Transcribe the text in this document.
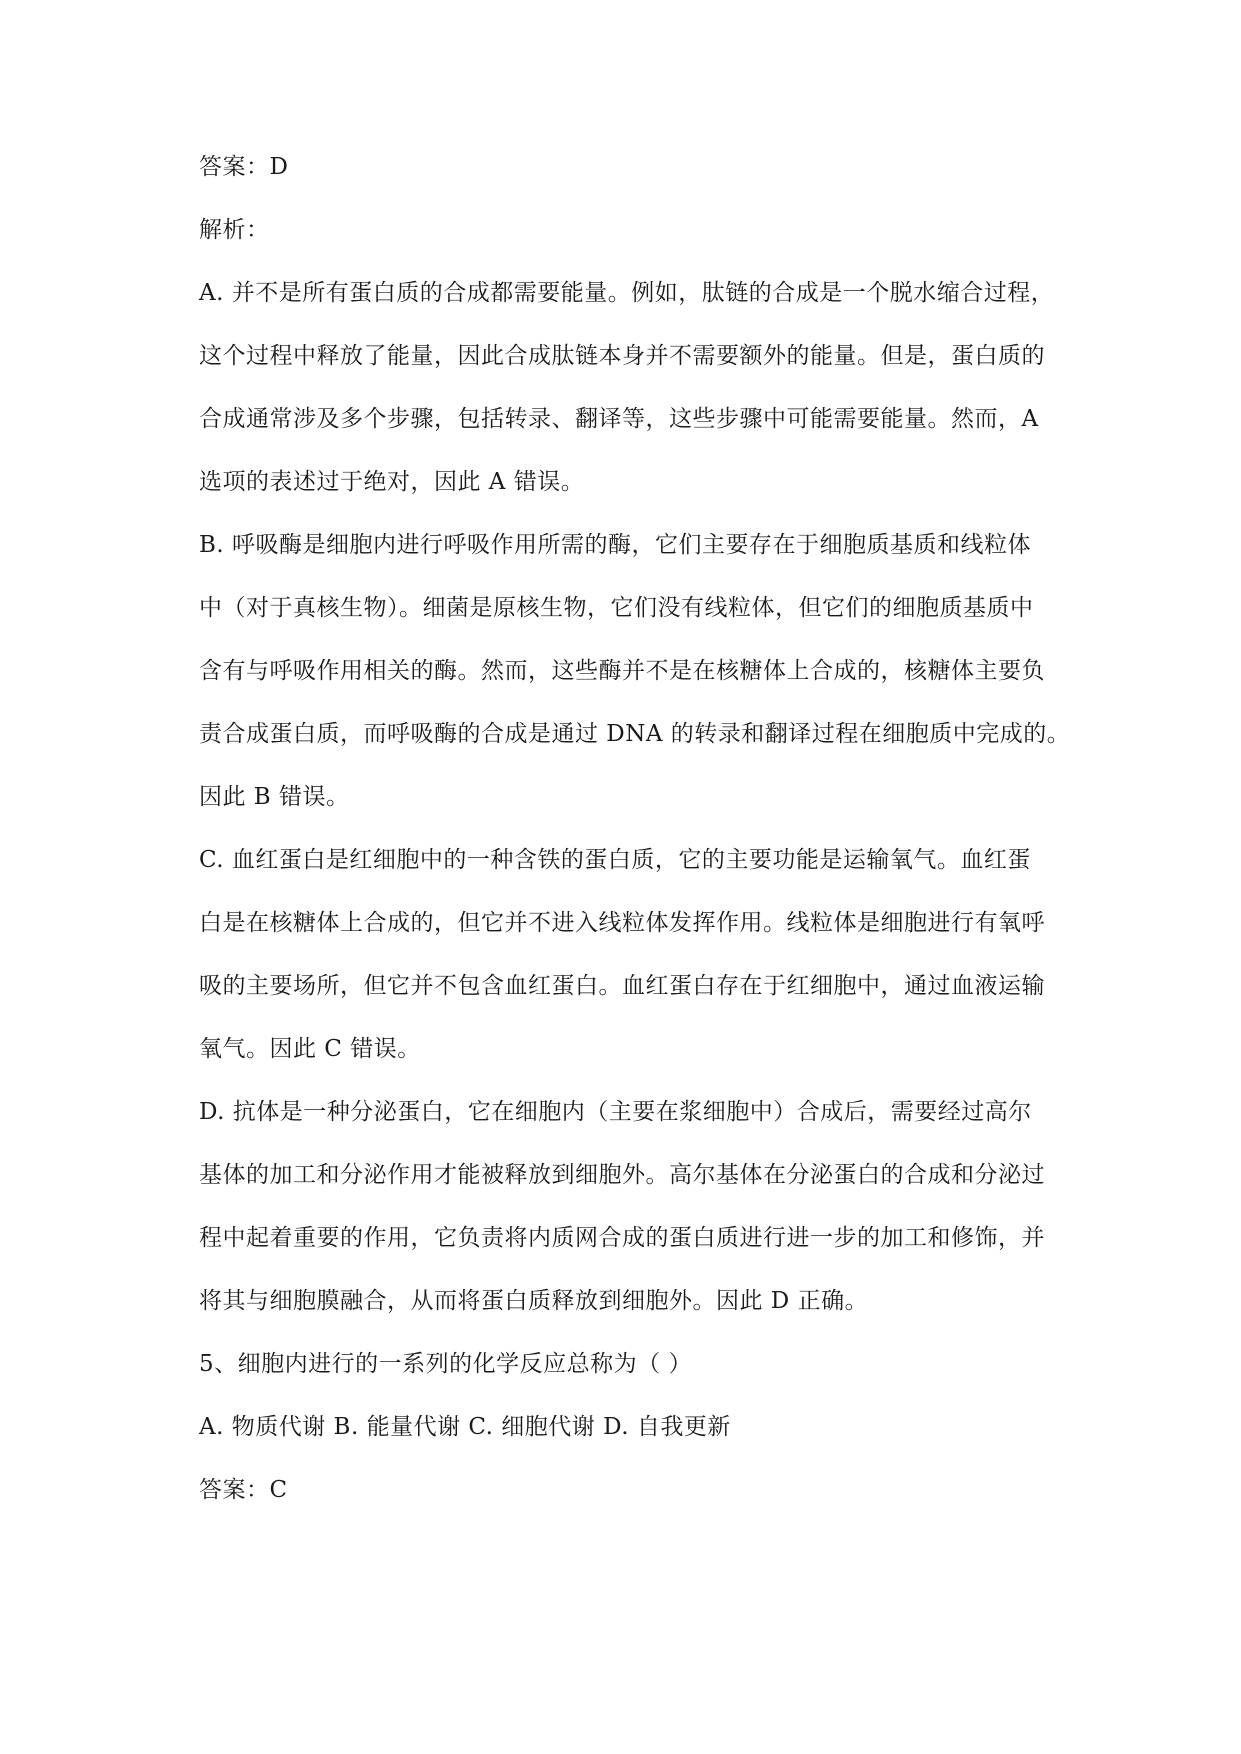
答案：D
解析：
A. 并不是所有蛋白质的合成都需要能量。例如，肽链的合成是一个脱水缩合过程，
这个过程中释放了能量，因此合成肽链本身并不需要额外的能量。但是，蛋白质的
合成通常涉及多个步骤，包括转录、翻译等，这些步骤中可能需要能量。然而，A
选项的表述过于绝对，因此 A 错误。
B. 呼吸酶是细胞内进行呼吸作用所需的酶，它们主要存在于细胞质基质和线粒体
中（对于真核生物）。细菌是原核生物，它们没有线粒体，但它们的细胞质基质中
含有与呼吸作用相关的酶。然而，这些酶并不是在核糖体上合成的，核糖体主要负
责合成蛋白质，而呼吸酶的合成是通过 DNA 的转录和翻译过程在细胞质中完成的。
因此 B 错误。
C. 血红蛋白是红细胞中的一种含铁的蛋白质，它的主要功能是运输氧气。血红蛋
白是在核糖体上合成的，但它并不进入线粒体发挥作用。线粒体是细胞进行有氧呼
吸的主要场所，但它并不包含血红蛋白。血红蛋白存在于红细胞中，通过血液运输
氧气。因此 C 错误。
D. 抗体是一种分泌蛋白，它在细胞内（主要在浆细胞中）合成后，需要经过高尔
基体的加工和分泌作用才能被释放到细胞外。高尔基体在分泌蛋白的合成和分泌过
程中起着重要的作用，它负责将内质网合成的蛋白质进行进一步的加工和修饰，并
将其与细胞膜融合，从而将蛋白质释放到细胞外。因此 D 正确。
5、细胞内进行的一系列的化学反应总称为（ ）
A. 物质代谢 B. 能量代谢 C. 细胞代谢 D. 自我更新
答案：C
